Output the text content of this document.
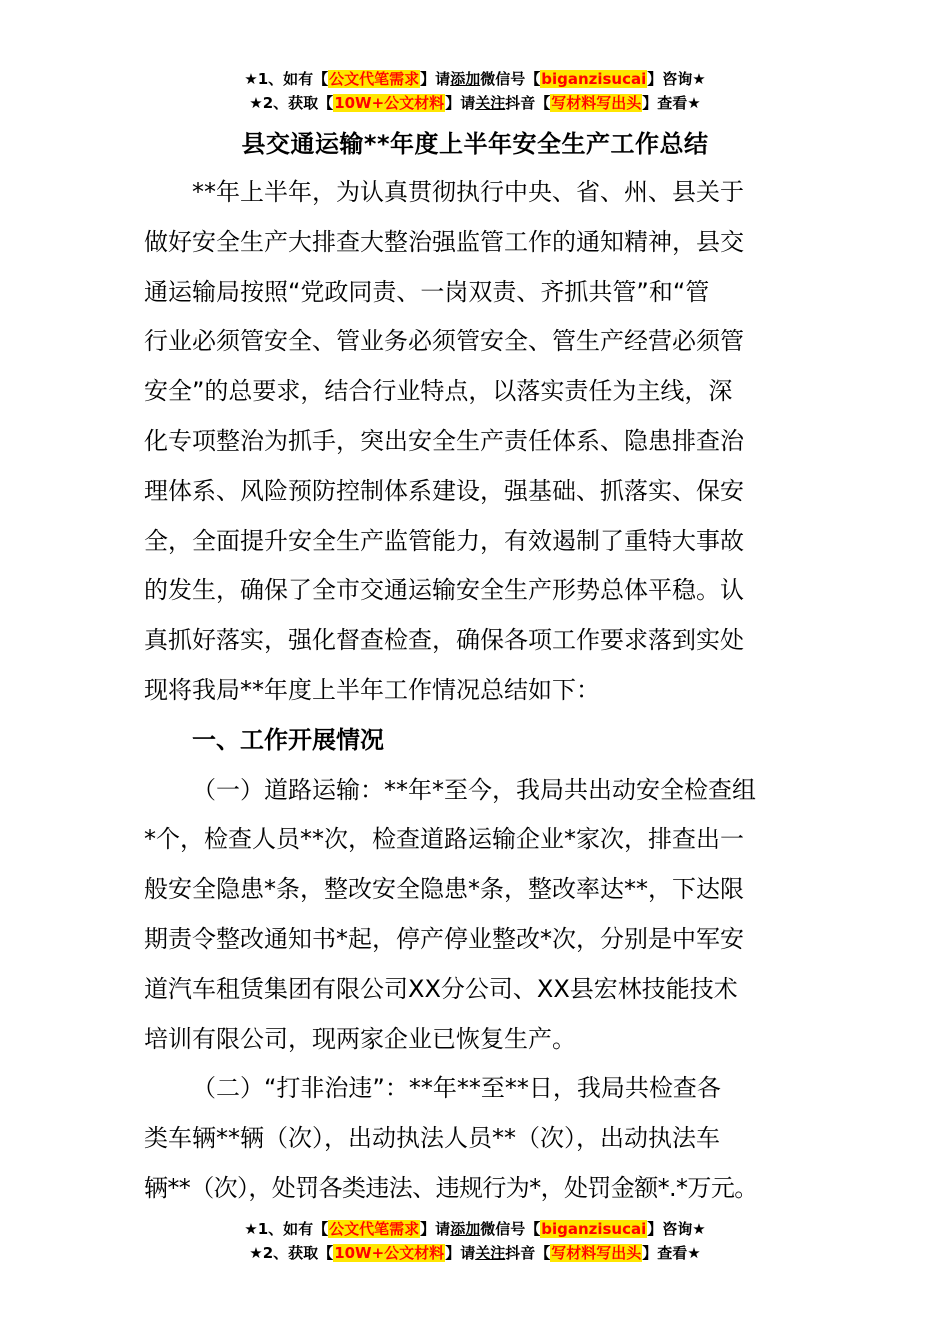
★1、如有【公文代笔需求】请添加微信号【biganzisucai】咨询★
★2、获取【10W+公文材料】请关注抖音【写材料写出头】查看★
县交通运输**年度上半年安全生产工作总结

**年上半年，为认真贯彻执行中央、省、州、县关于
做好安全生产大排查大整治强监管工作的通知精神，县交
通运输局按照“党政同责、一岗双责、齐抓共管”和“管
行业必须管安全、管业务必须管安全、管生产经营必须管
安全”的总要求，结合行业特点，以落实责任为主线，深
化专项整治为抓手，突出安全生产责任体系、隐患排查治
理体系、风险预防控制体系建设，强基础、抓落实、保安
全，全面提升安全生产监管能力，有效遏制了重特大事故
的发生，确保了全市交通运输安全生产形势总体平稳。认
真抓好落实，强化督查检查，确保各项工作要求落到实处
现将我局**年度上半年工作情况总结如下：

一、工作开展情况

（一）道路运输：**年*至今，我局共出动安全检查组
*个，检查人员**次，检查道路运输企业*家次，排查出一
般安全隐患*条，整改安全隐患*条，整改率达**，下达限
期责令整改通知书*起，停产停业整改*次，分别是中军安
道汽车租赁集团有限公司XX分公司、XX县宏林技能技术
培训有限公司，现两家企业已恢复生产。

（二）“打非治违”：**年**至**日，我局共检查各
类车辆**辆（次），出动执法人员**（次），出动执法车
辆**（次），处罚各类违法、违规行为*，处罚金额*.*万元。

★1、如有【公文代笔需求】请添加微信号【biganzisucai】咨询★
★2、获取【10W+公文材料】请关注抖音【写材料写出头】查看★
